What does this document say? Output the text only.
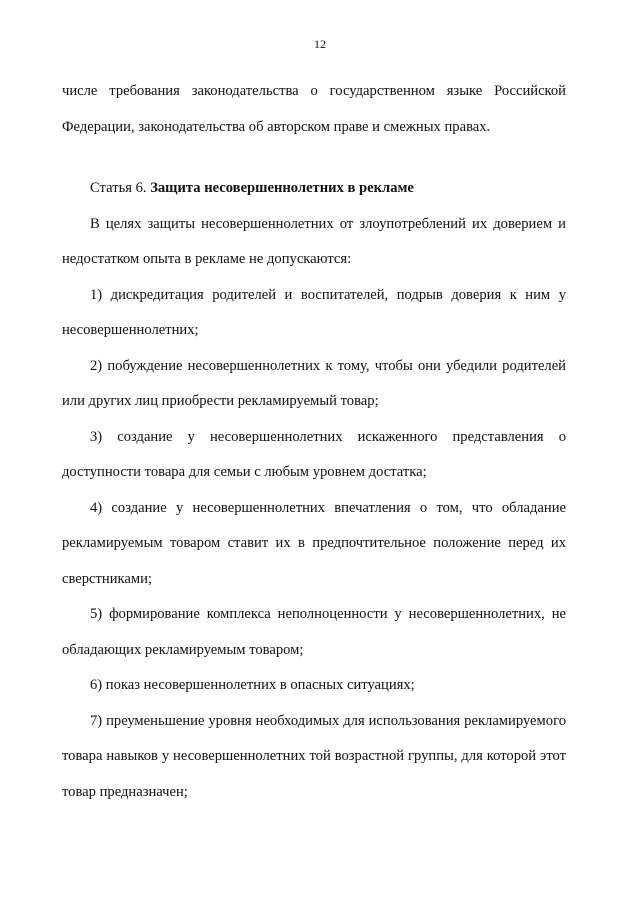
12

числе требования законодательства о государственном языке Российской Федерации, законодательства об авторском праве и смежных правах.

Статья 6. Защита несовершеннолетних в рекламе

В целях защиты несовершеннолетних от злоупотреблений их доверием и недостатком опыта в рекламе не допускаются:

1) дискредитация родителей и воспитателей, подрыв доверия к ним у несовершеннолетних;

2) побуждение несовершеннолетних к тому, чтобы они убедили родителей или других лиц приобрести рекламируемый товар;

3) создание у несовершеннолетних искаженного представления о доступности товара для семьи с любым уровнем достатка;

4) создание у несовершеннолетних впечатления о том, что обладание рекламируемым товаром ставит их в предпочтительное положение перед их сверстниками;

5) формирование комплекса неполноценности у несовершеннолетних, не обладающих рекламируемым товаром;

6) показ несовершеннолетних в опасных ситуациях;

7) преуменьшение уровня необходимых для использования рекламируемого товара навыков у несовершеннолетних той возрастной группы, для которой этот товар предназначен;
